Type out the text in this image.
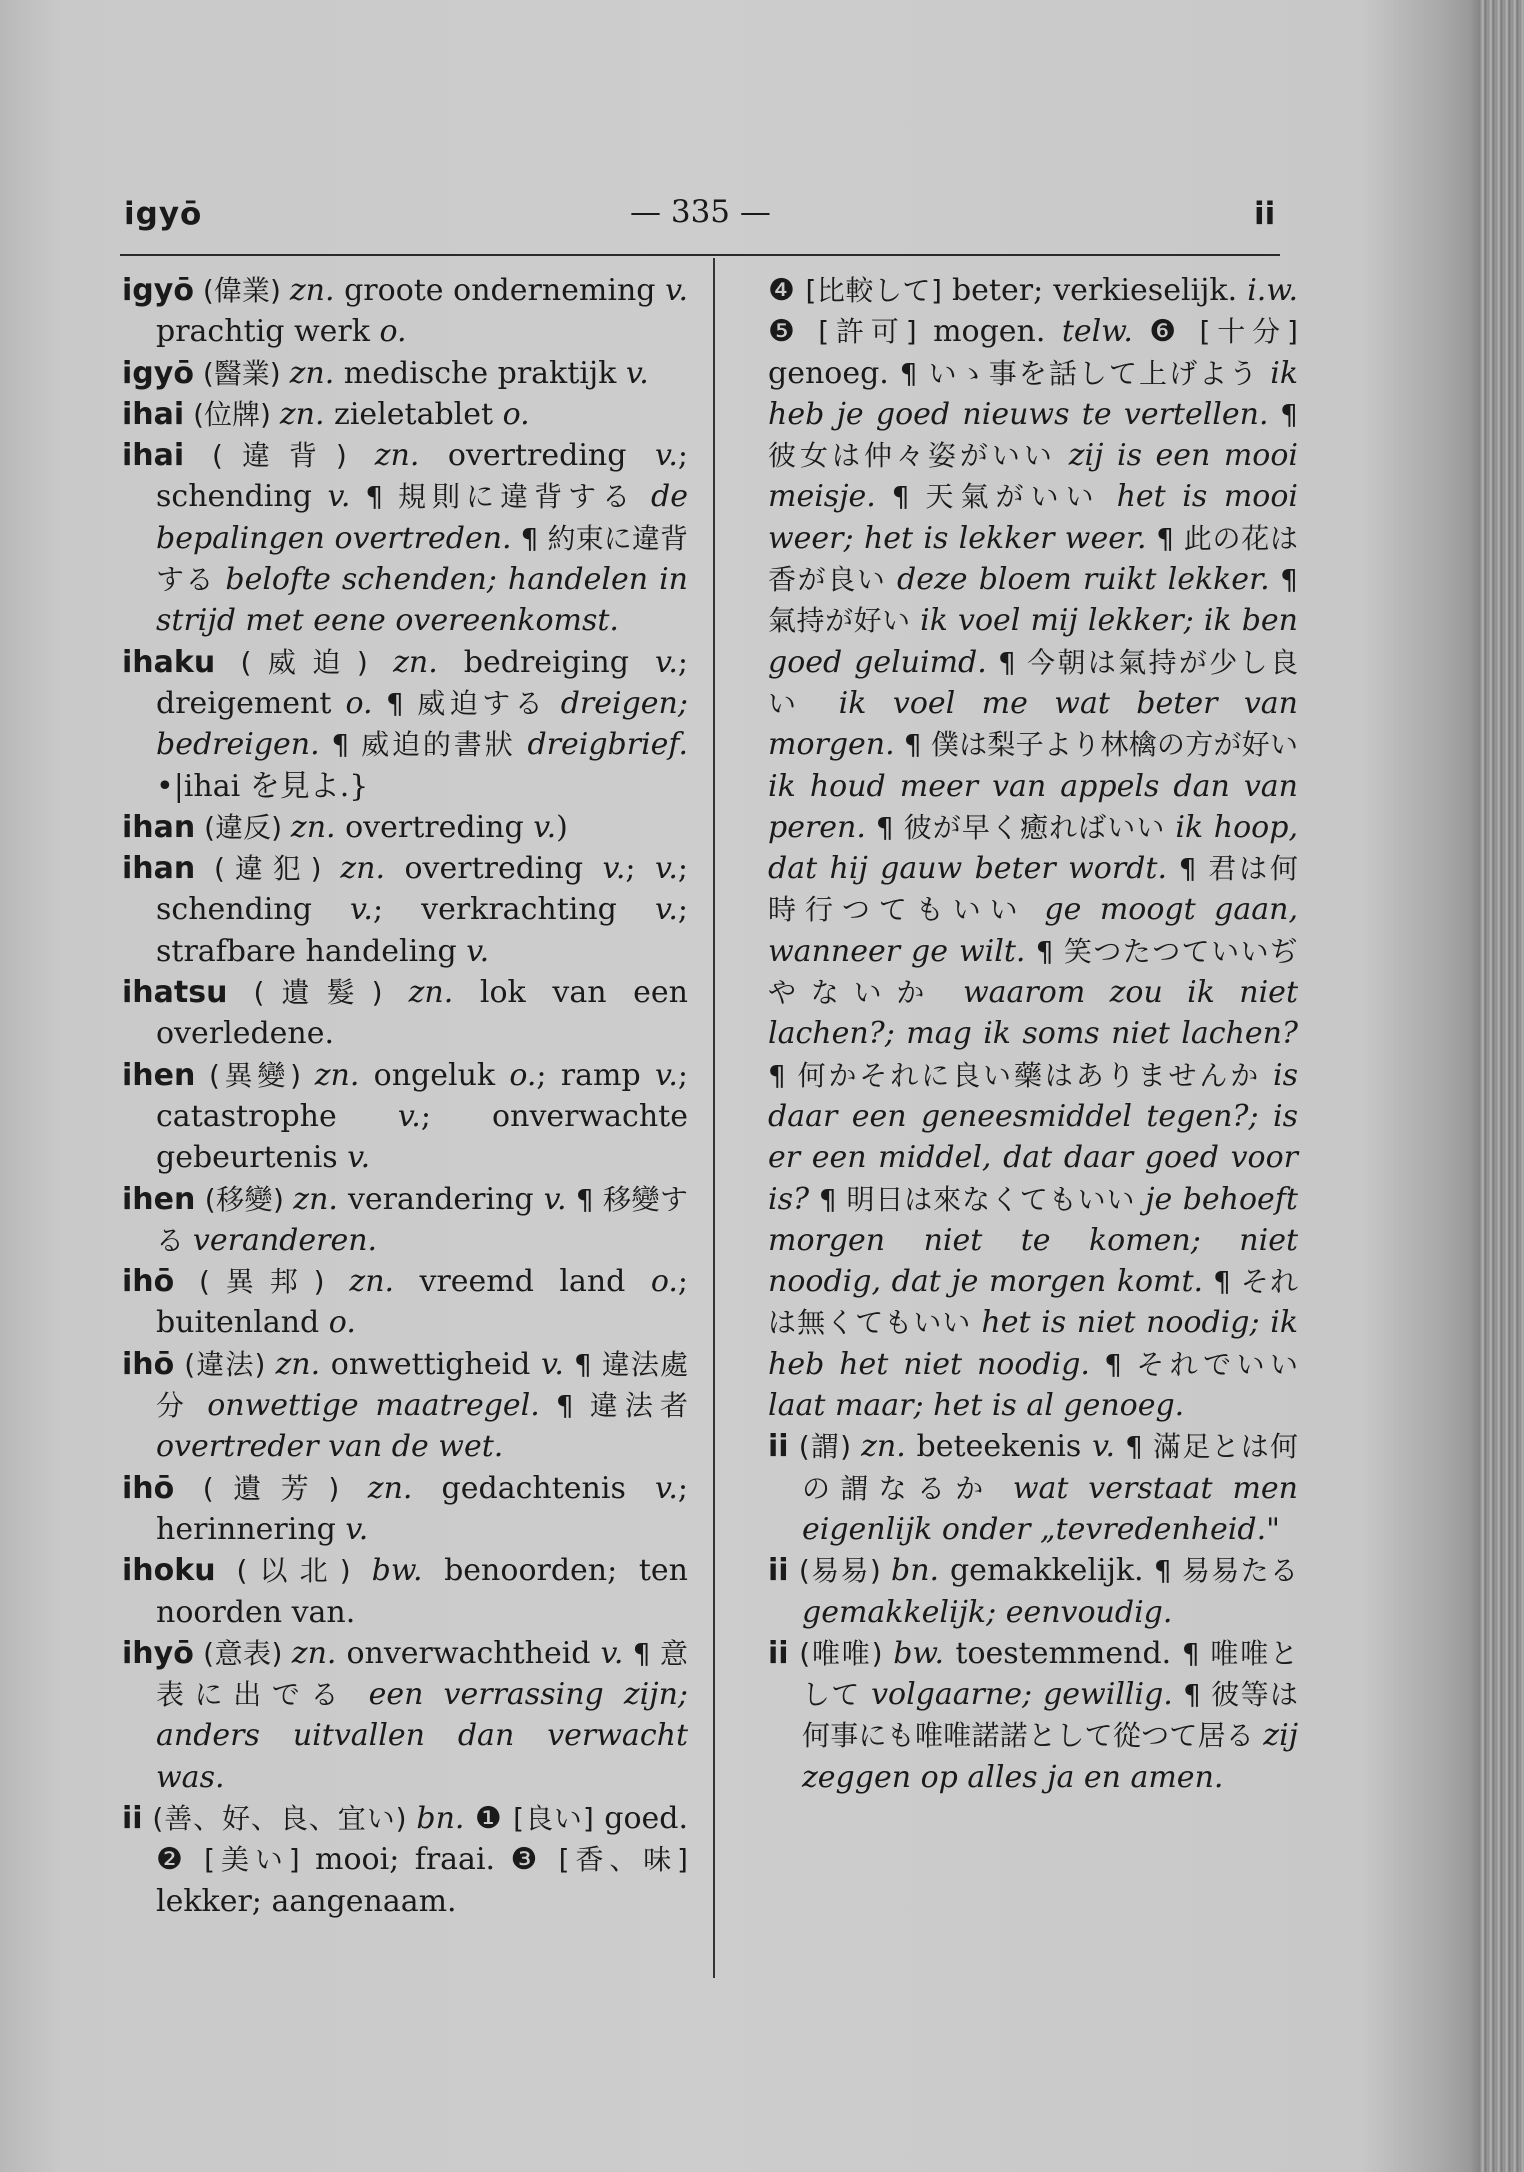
igyō	— 335 —	ii

igyō (偉業) zn. groote onderneming v. prachtig werk o.

igyō (醫業) zn. medische praktijk v.

ihai (位牌) zn. zieletablet o.

ihai (違背) zn. overtreding v.; schending v. ¶ 規則に違背する de bepalingen overtreden. ¶ 約束に違背する belofte schenden; handelen in strijd met eene overeenkomst.

ihaku (威迫) zn. bedreiging v.; dreigement o. ¶ 威迫する dreigen; bedreigen. ¶ 威迫的書狀 dreigbrief. •|ihai を見よ.}

ihan (違反) zn. overtreding v.)

ihan (違犯) zn. overtreding v.; v.; schending v.; verkrachting v.; strafbare handeling v.

ihatsu (遺髮) zn. lok van een overledene.

ihen (異變) zn. ongeluk o.; ramp v.; catastrophe v.; onverwachte gebeurtenis v.

ihen (移變) zn. verandering v. ¶ 移變する veranderen.

ihō (異邦) zn. vreemd land o.; buitenland o.

ihō (違法) zn. onwettigheid v. ¶ 違法處分 onwettige maatregel. ¶ 違法者 overtreder van de wet.

ihō (遺芳) zn. gedachtenis v.; herinnering v.

ihoku (以北) bw. benoorden; ten noorden van.

ihyō (意表) zn. onverwachtheid v. ¶ 意表に出でる een verrassing zijn; anders uitvallen dan verwacht was.

ii (善、好、良、宜い) bn. ❶ [良い] goed. ❷ [美い] mooi; fraai. ❸ [香、味] lekker; aangenaam.

❹ [比較して] beter; verkieselijk. i.w. ❺ [許可] mogen. telw. ❻ [十分] genoeg. ¶ いゝ事を話して上げよう ik heb je goed nieuws te vertellen. ¶ 彼女は仲々姿がいい zij is een mooi meisje. ¶ 天氣がいい het is mooi weer; het is lekker weer. ¶ 此の花は香が良い deze bloem ruikt lekker. ¶ 氣持が好い ik voel mij lekker; ik ben goed geluimd. ¶ 今朝は氣持が少し良い ik voel me wat beter van morgen. ¶ 僕は梨子より林檎の方が好い ik houd meer van appels dan van peren. ¶ 彼が早く癒ればいい ik hoop, dat hij gauw beter wordt. ¶ 君は何時行つてもいい ge moogt gaan, wanneer ge wilt. ¶ 笑つたつていいぢやないか waarom zou ik niet lachen?; mag ik soms niet lachen? ¶ 何かそれに良い藥はありませんか is daar een geneesmiddel tegen?; is er een middel, dat daar goed voor is? ¶ 明日は來なくてもいい je behoeft morgen niet te komen; niet noodig, dat je morgen komt. ¶ それは無くてもいい het is niet noodig; ik heb het niet noodig. ¶ それでいい laat maar; het is al genoeg.

ii (謂) zn. beteekenis v. ¶ 滿足とは何の謂なるか wat verstaat men eigenlijk onder „tevredenheid."

ii (易易) bn. gemakkelijk. ¶ 易易たる gemakkelijk; eenvoudig.

ii (唯唯) bw. toestemmend. ¶ 唯唯として volgaarne; gewillig. ¶ 彼等は何事にも唯唯諾諾として從つて居る zij zeggen op alles ja en amen.
